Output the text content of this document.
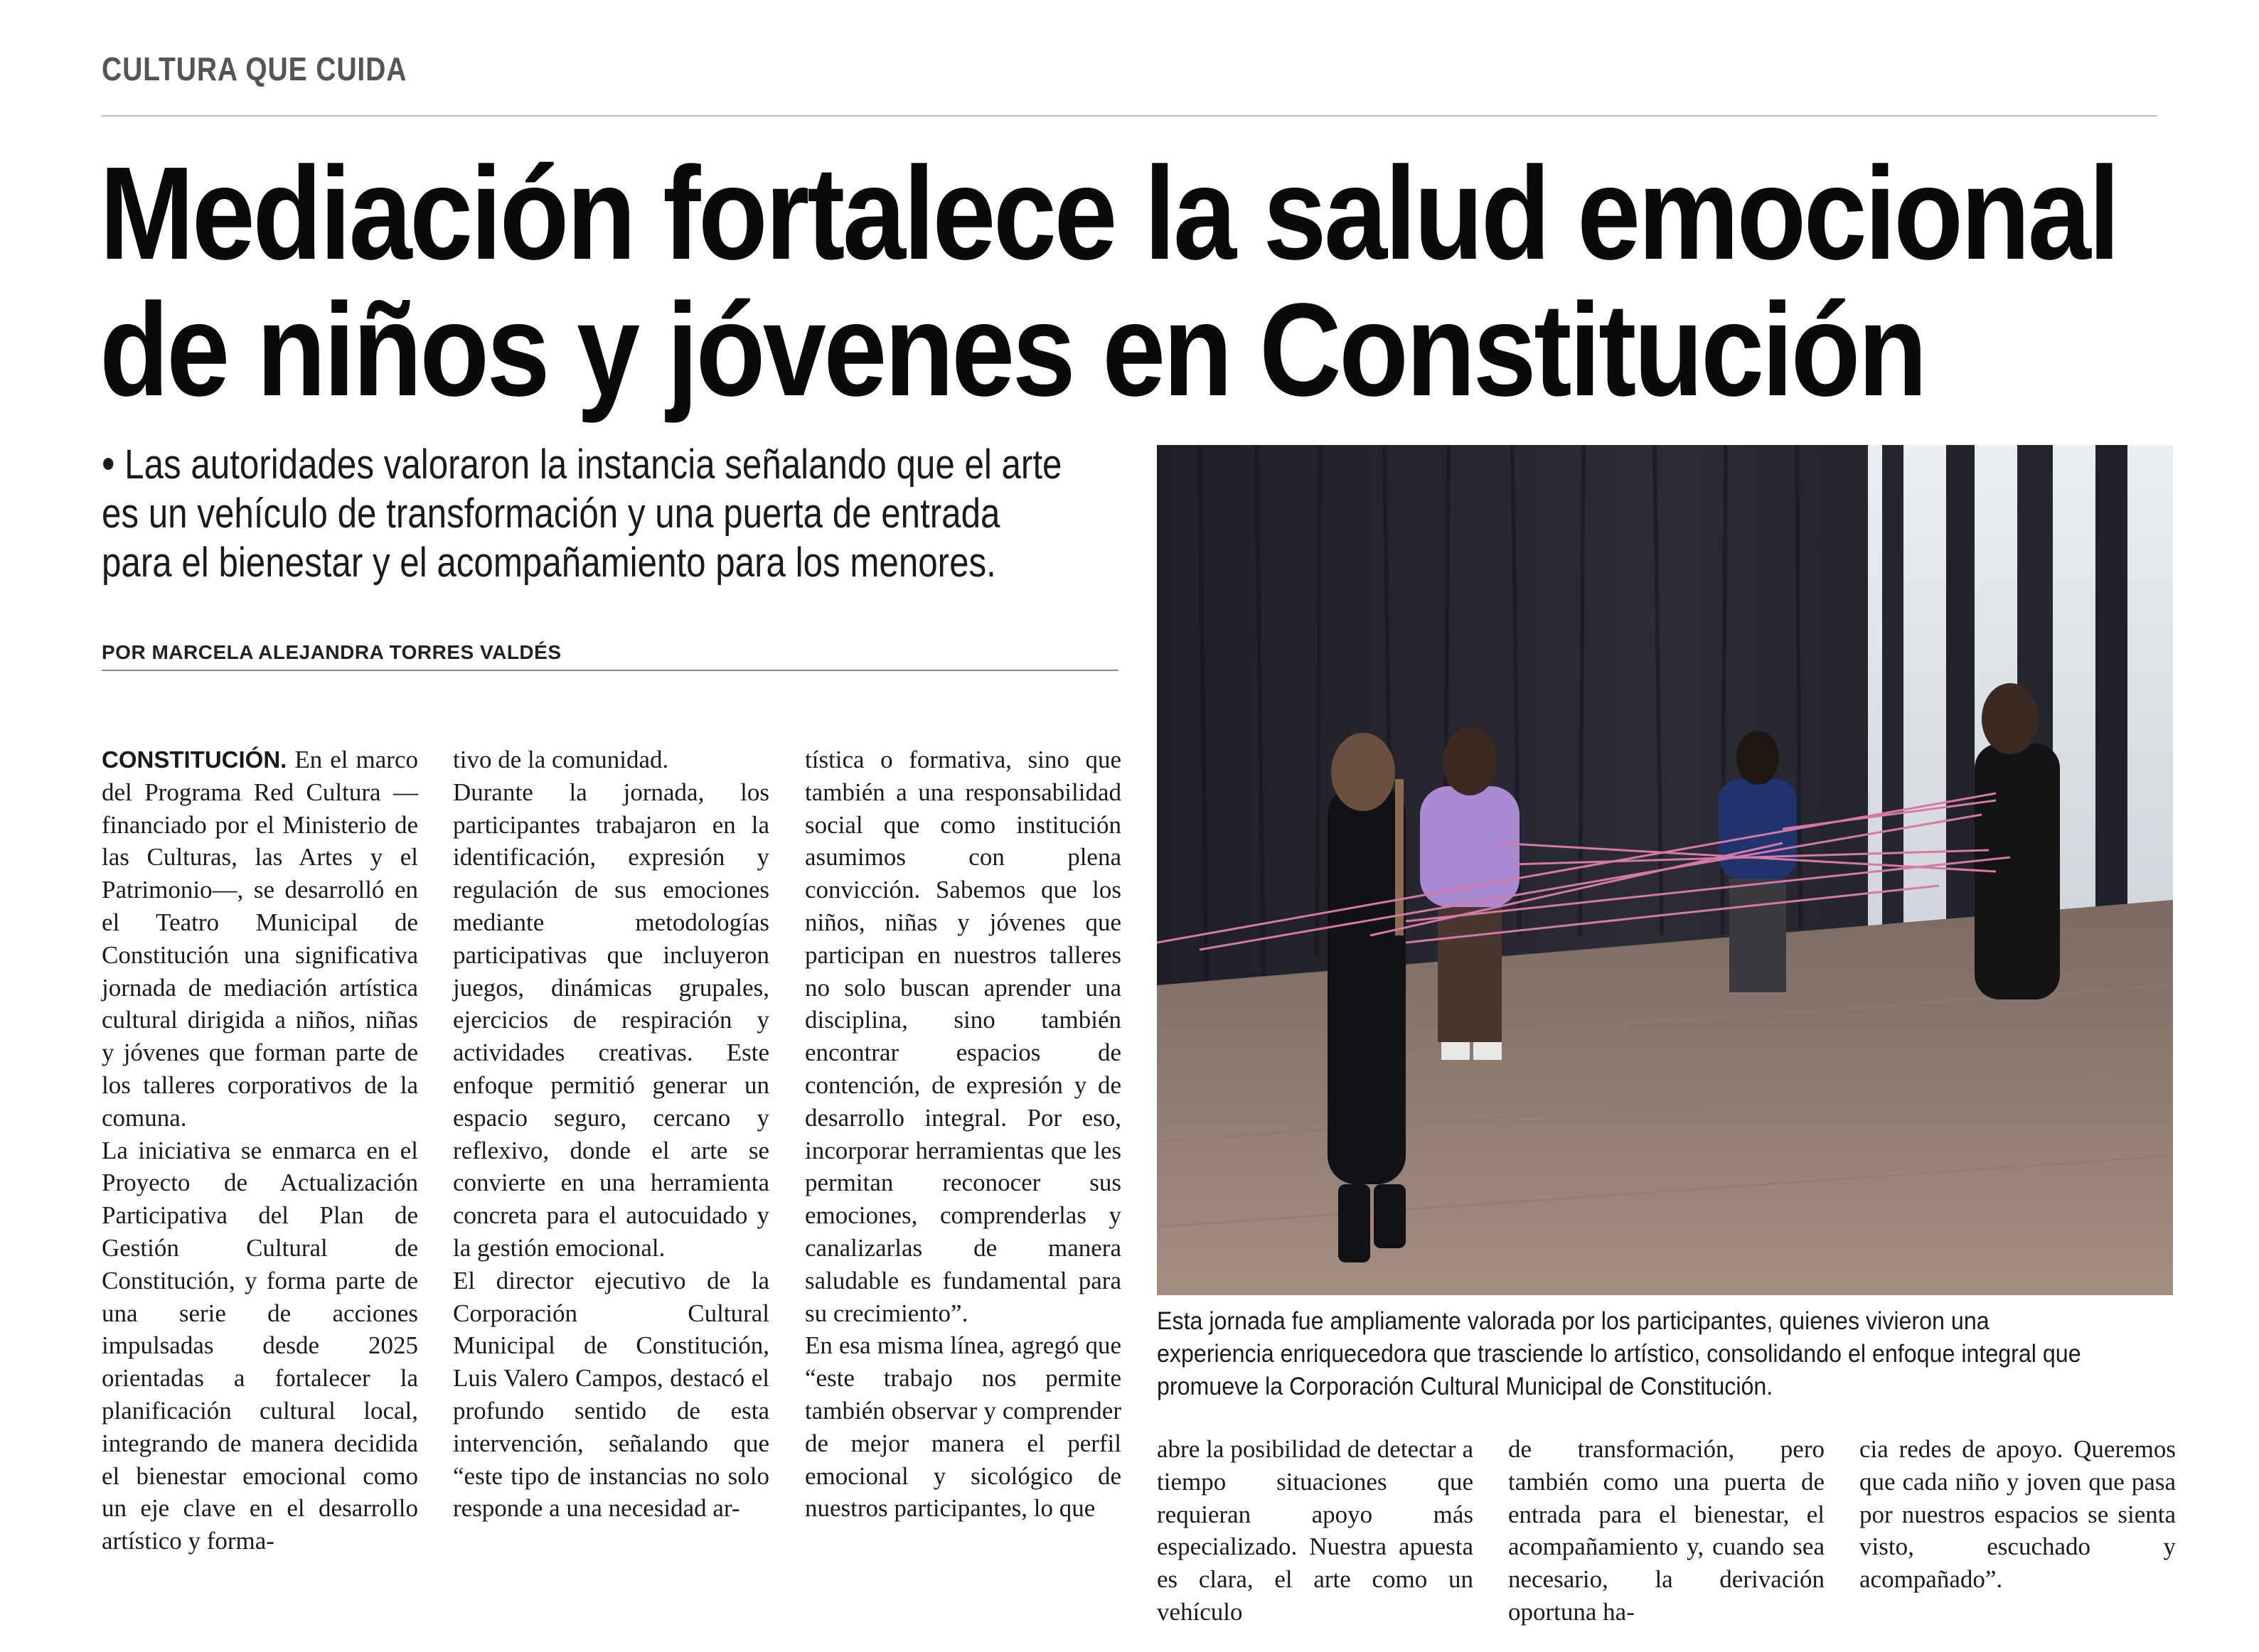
CULTURA QUE CUIDA
Mediación fortalece la salud emocional
de niños y jóvenes en Constitución
• Las autoridades valoraron la instancia señalando que el arte
es un vehículo de transformación y una puerta de entrada
para el bienestar y el acompañamiento para los menores.
POR MARCELA ALEJANDRA TORRES VALDÉS

CONSTITUCIÓN. En el marco del Programa Red Cultura —financiado por el Ministerio de las Culturas, las Artes y el Patrimonio—, se desarrolló en el Teatro Municipal de Constitución una significativa jornada de mediación artística cultural dirigida a niños, niñas y jóvenes que forman parte de los talleres corporativos de la comuna.

La iniciativa se enmarca en el Proyecto de Actualización Participativa del Plan de Gestión Cultural de Constitución, y forma parte de una serie de acciones impulsadas desde 2025 orientadas a fortalecer la planificación cultural local, integrando de manera decidida el bienestar emocional como un eje clave en el desarrollo artístico y forma-

tivo de la comunidad.

Durante la jornada, los participantes trabajaron en la identificación, expresión y regulación de sus emociones mediante metodologías participativas que incluyeron juegos, dinámicas grupales, ejercicios de respiración y actividades creativas. Este enfoque permitió generar un espacio seguro, cercano y reflexivo, donde el arte se convierte en una herramienta concreta para el autocuidado y la gestión emocional.

El director ejecutivo de la Corporación Cultural Municipal de Constitución, Luis Valero Campos, destacó el profundo sentido de esta intervención, señalando que “este tipo de instancias no solo responde a una necesidad ar-

tística o formativa, sino que también a una responsabilidad social que como institución asumimos con plena convicción. Sabemos que los niños, niñas y jóvenes que participan en nuestros talleres no solo buscan aprender una disciplina, sino también encontrar espacios de contención, de expresión y de desarrollo integral. Por eso, incorporar herramientas que les permitan reconocer sus emociones, comprenderlas y canalizarlas de manera saludable es fundamental para su crecimiento”.

En esa misma línea, agregó que “este trabajo nos permite también observar y comprender de mejor manera el perfil emocional y sicológico de nuestros participantes, lo que

Esta jornada fue ampliamente valorada por los participantes, quienes vivieron una experiencia enriquecedora que trasciende lo artístico, consolidando el enfoque integral que promueve la Corporación Cultural Municipal de Constitución.

abre la posibilidad de detectar a tiempo situaciones que requieran apoyo más especializado. Nuestra apuesta es clara, el arte como un vehículo

de transformación, pero también como una puerta de entrada para el bienestar, el acompañamiento y, cuando sea necesario, la derivación oportuna ha-

cia redes de apoyo. Queremos que cada niño y joven que pasa por nuestros espacios se sienta visto, escuchado y acompañado”.
